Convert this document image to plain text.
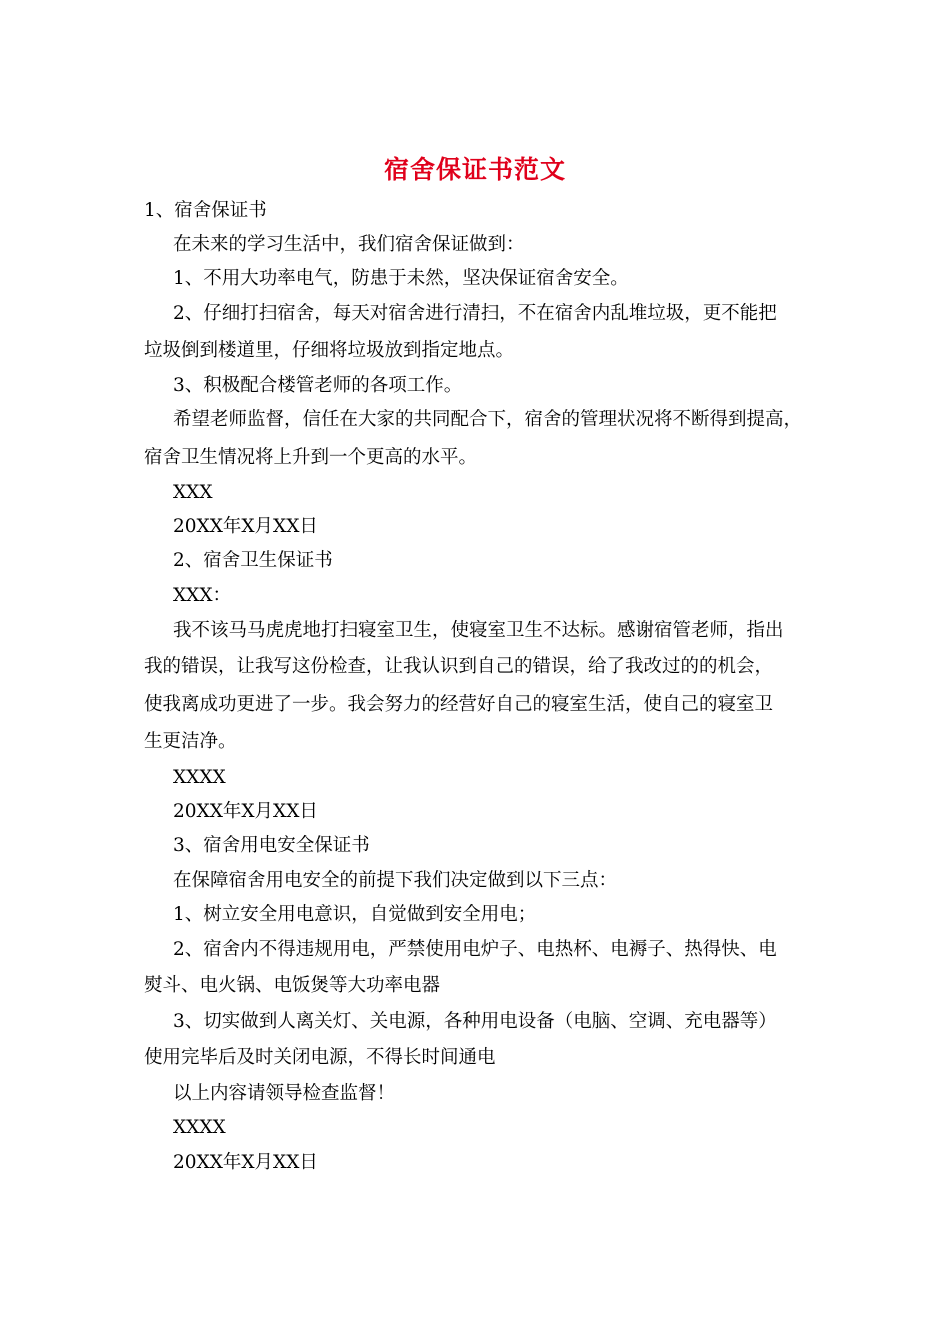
宿舍保证书范文
1、宿舍保证书
在未来的学习生活中，我们宿舍保证做到：
1、不用大功率电气，防患于未然，坚决保证宿舍安全。
2、仔细打扫宿舍，每天对宿舍进行清扫，不在宿舍内乱堆垃圾，更不能把
垃圾倒到楼道里，仔细将垃圾放到指定地点。
3、积极配合楼管老师的各项工作。
希望老师监督，信任在大家的共同配合下，宿舍的管理状况将不断得到提高，
宿舍卫生情况将上升到一个更高的水平。
XXX
20XX年X月XX日
2、宿舍卫生保证书
XXX：
我不该马马虎虎地打扫寝室卫生，使寝室卫生不达标。感谢宿管老师，指出
我的错误，让我写这份检查，让我认识到自己的错误，给了我改过的的机会，
使我离成功更进了一步。我会努力的经营好自己的寝室生活，使自己的寝室卫
生更洁净。
XXXX
20XX年X月XX日
3、宿舍用电安全保证书
在保障宿舍用电安全的前提下我们决定做到以下三点：
1、树立安全用电意识，自觉做到安全用电；
2、宿舍内不得违规用电，严禁使用电炉子、电热杯、电褥子、热得快、电
熨斗、电火锅、电饭煲等大功率电器
3、切实做到人离关灯、关电源，各种用电设备（电脑、空调、充电器等）
使用完毕后及时关闭电源，不得长时间通电
以上内容请领导检查监督！
XXXX
20XX年X月XX日
